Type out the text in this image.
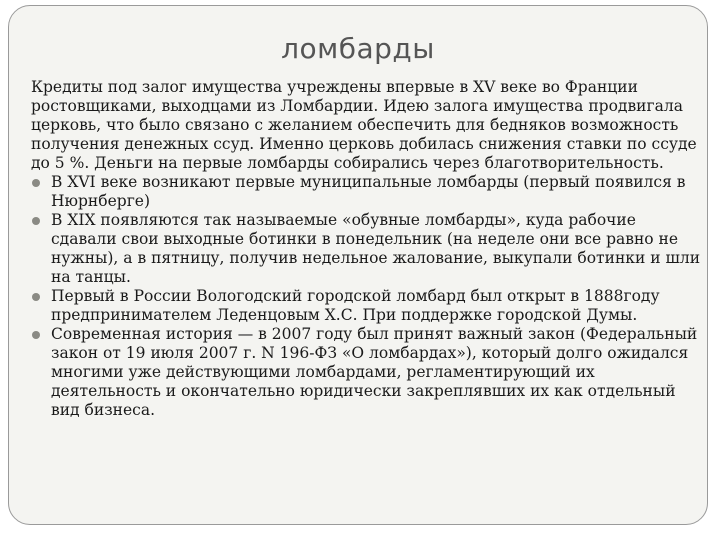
ломбарды

Кредиты под залог имущества учреждены впервые в XV веке во Франции ростовщиками, выходцами из Ломбардии. Идею залога имущества продвигала церковь, что было связано с желанием обеспечить для бедняков возможность получения денежных ссуд. Именно церковь добилась снижения ставки по ссуде до 5 %. Деньги на первые ломбарды собирались через благотворительность.

В XVI веке возникают первые муниципальные ломбарды (первый появился в Нюрнберге)
В XIX появляются так называемые «обувные ломбарды», куда рабочие сдавали свои выходные ботинки в понедельник (на неделе они все равно не нужны), а в пятницу, получив недельное жалование, выкупали ботинки и шли на танцы.
Первый в России Вологодский городской ломбард был открыт в 1888году предпринимателем Леденцовым Х.С. При поддержке городской Думы.
Современная история — в 2007 году был принят важный закон (Федеральный закон от 19 июля 2007 г. N 196-ФЗ «О ломбардах»), который долго ожидался многими уже действующими ломбардами, регламентирующий их деятельность и окончательно юридически закреплявших их как отдельный вид бизнеса.
